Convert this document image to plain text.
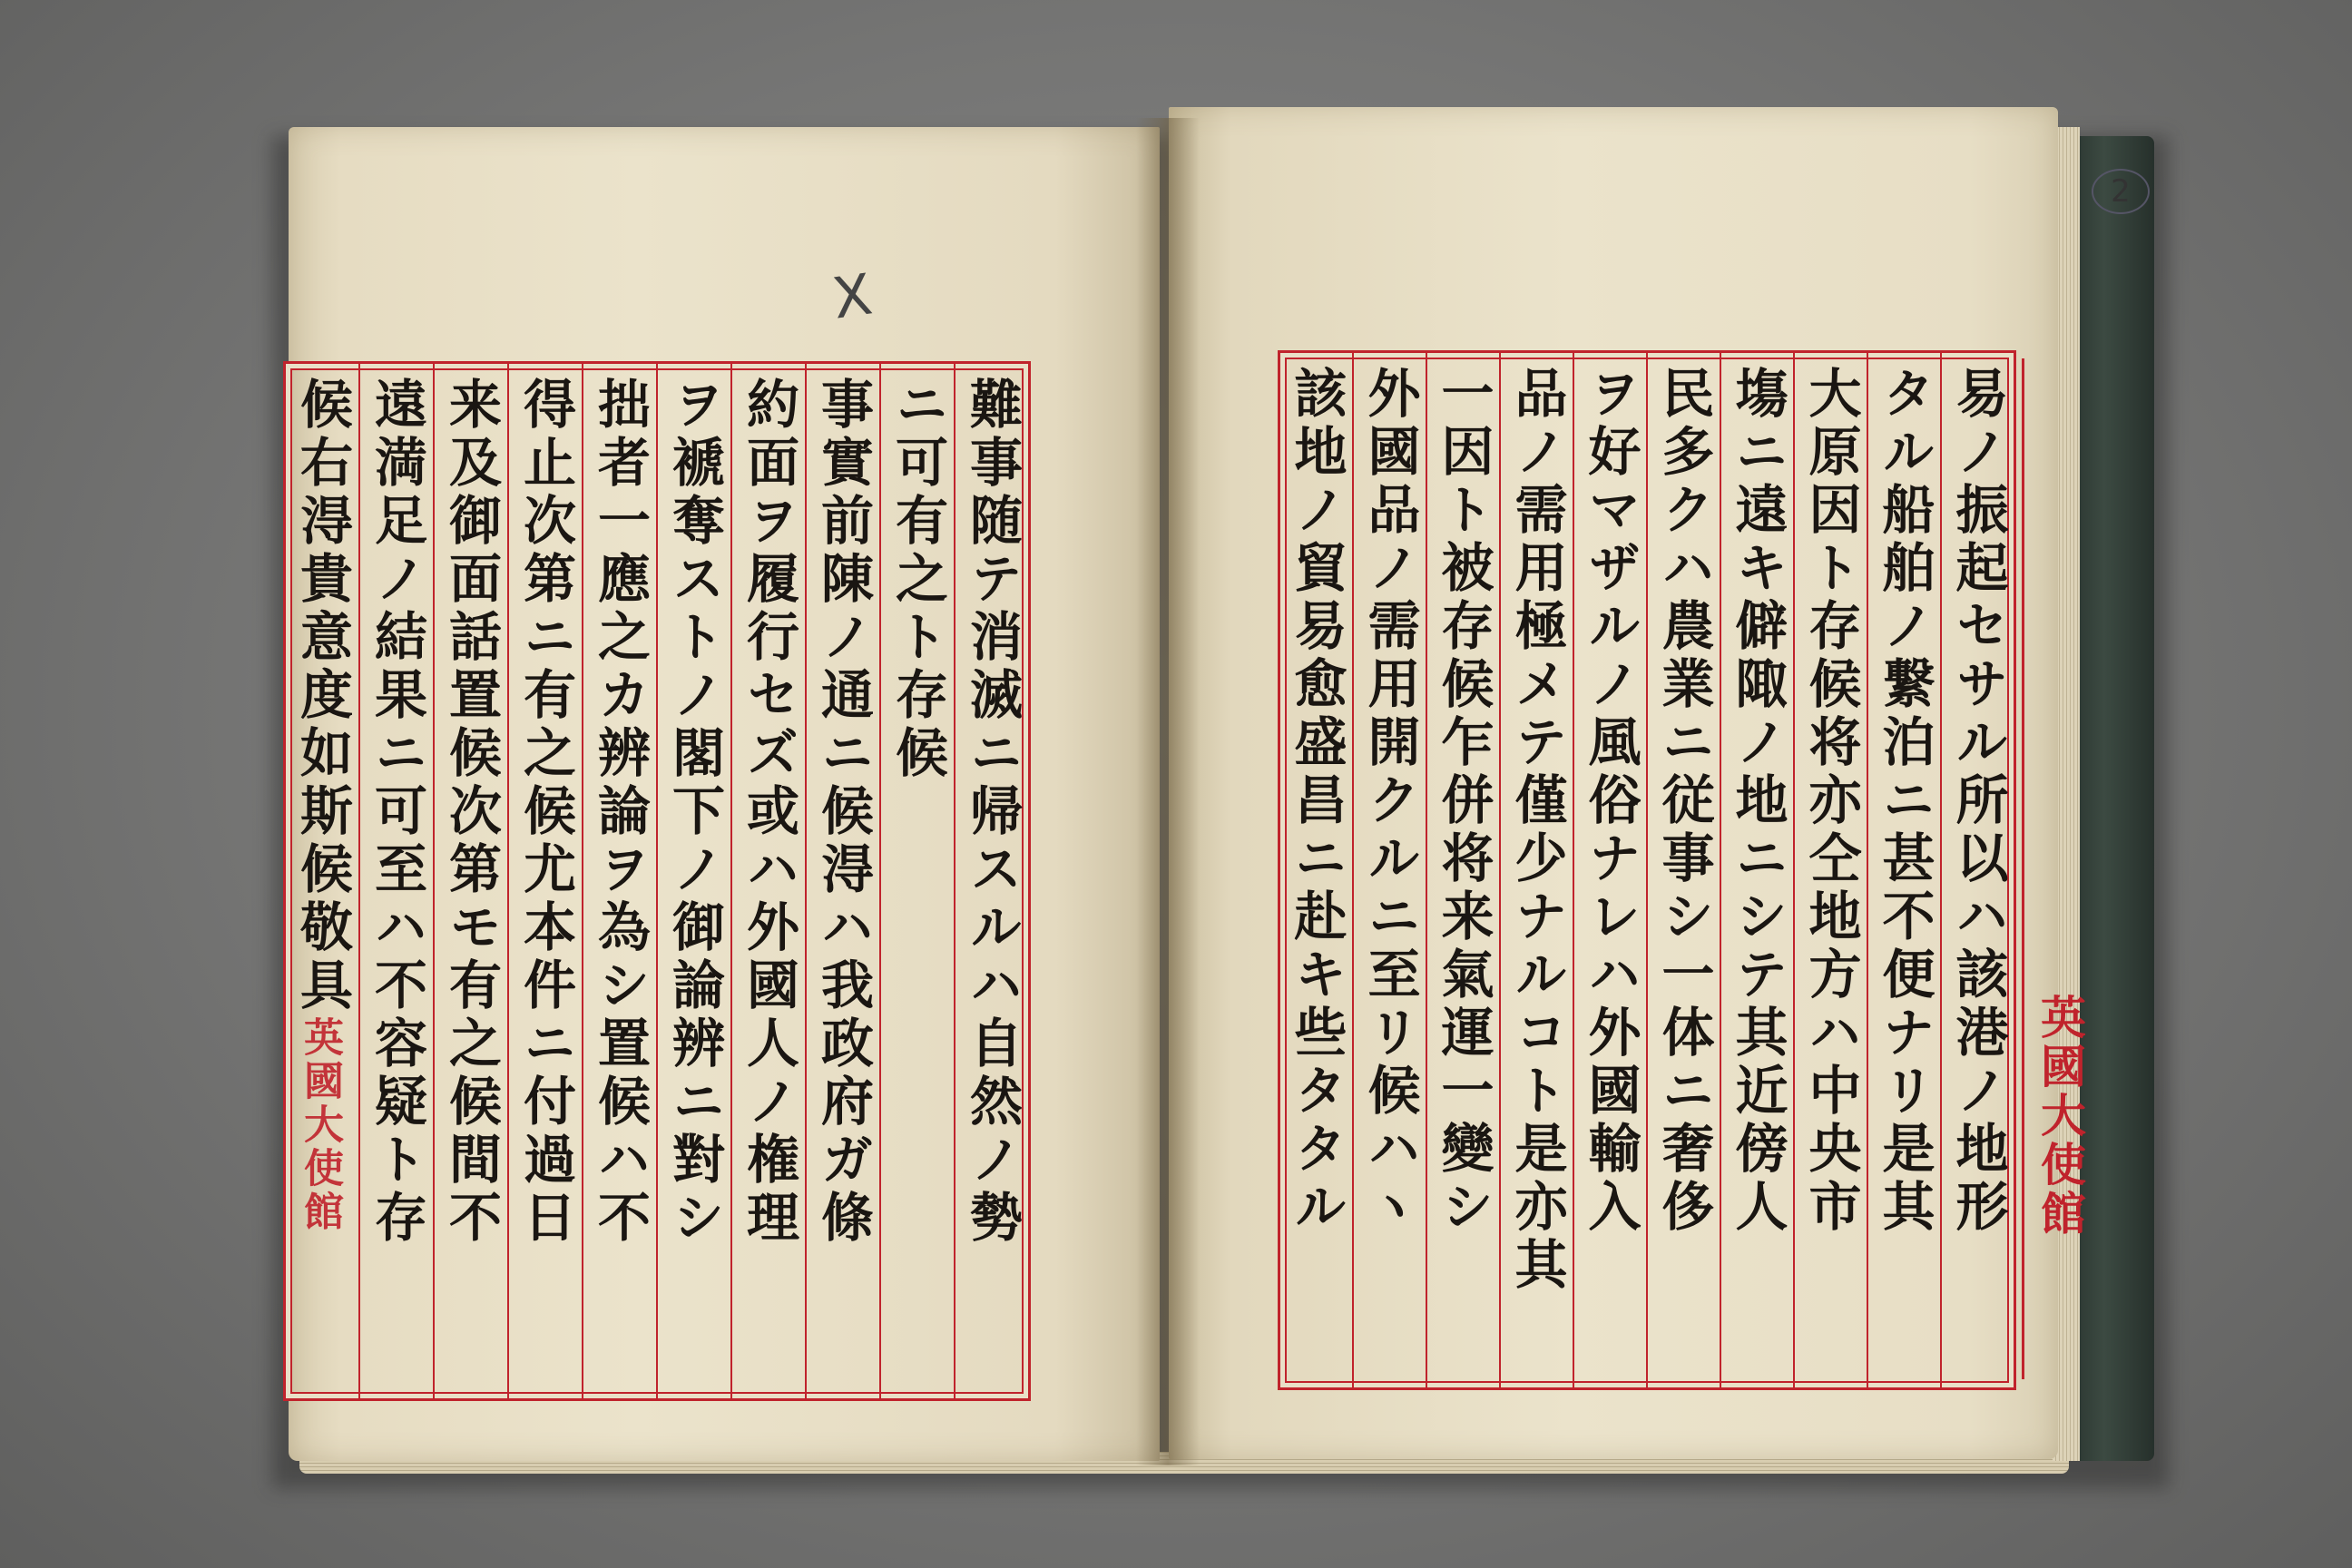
X
難事随テ消滅ニ帰スルハ自然ノ勢
ニ可有之ト存候
事實前陳ノ通ニ候淂ハ我政府ガ條
約面ヲ履行セズ或ハ外國人ノ権理
ヲ褫奪ストノ閣下ノ御論辨ニ對シ
拙者一應之カ辨論ヲ為シ置候ハ不
得止次第ニ有之候尤本件ニ付過日
来及御面話置候次第モ有之候間不
遠満足ノ結果ニ可至ハ不容疑ト存
候右淂貴意度如斯候敬具
英國大使館	易ノ振起セサル所以ハ該港ノ地形
タル船舶ノ繋泊ニ甚不便ナリ是其
大原因ト存候将亦仝地方ハ中央市
塲ニ遠キ僻陬ノ地ニシテ其近傍人
民多クハ農業ニ従事シ一体ニ奢侈
ヲ好マザルノ風俗ナレハ外國輸入
品ノ需用極メテ僅少ナルコト是亦其
一因ト被存候乍併将来氣運一變シ
外國品ノ需用開クルニ至リ候ハヽ
該地ノ貿易愈盛昌ニ赴キ些タタル	英國大使館
2
